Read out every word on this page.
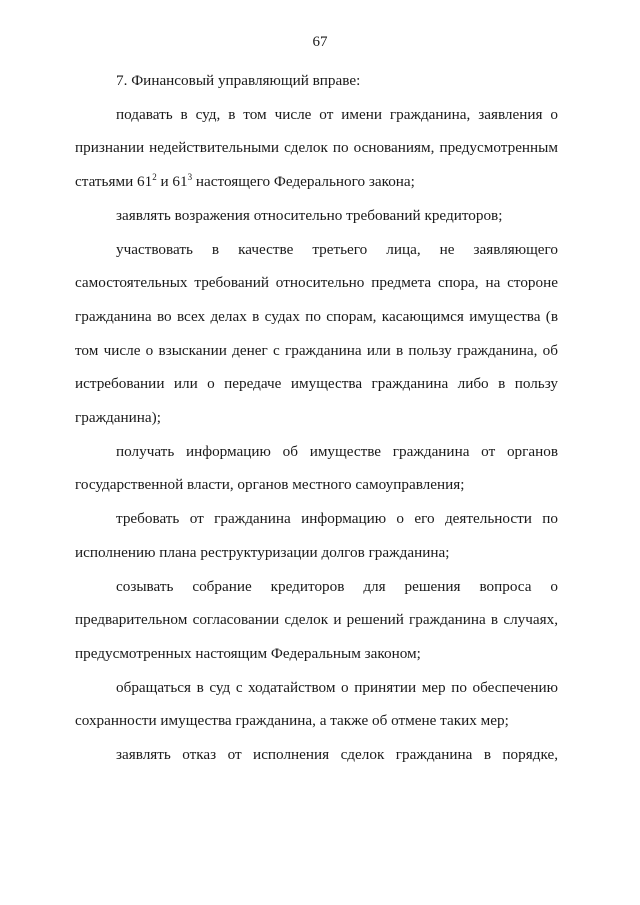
67

7. Финансовый управляющий вправе:

подавать в суд, в том числе от имени гражданина, заявления о признании недействительными сделок по основаниям, предусмотренным статьями $61^2$ и $61^3$ настоящего Федерального закона;

заявлять возражения относительно требований кредиторов;

участвовать в качестве третьего лица, не заявляющего самостоятельных требований относительно предмета спора, на стороне гражданина во всех делах в судах по спорам, касающимся имущества (в том числе о взыскании денег с гражданина или в пользу гражданина, об истребовании или о передаче имущества гражданина либо в пользу гражданина);

получать информацию об имуществе гражданина от органов государственной власти, органов местного самоуправления;

требовать от гражданина информацию о его деятельности по исполнению плана реструктуризации долгов гражданина;

созывать собрание кредиторов для решения вопроса о предварительном согласовании сделок и решений гражданина в случаях, предусмотренных настоящим Федеральным законом;

обращаться в суд с ходатайством о принятии мер по обеспечению сохранности имущества гражданина, а также об отмене таких мер;

заявлять отказ от исполнения сделок гражданина в порядке,
